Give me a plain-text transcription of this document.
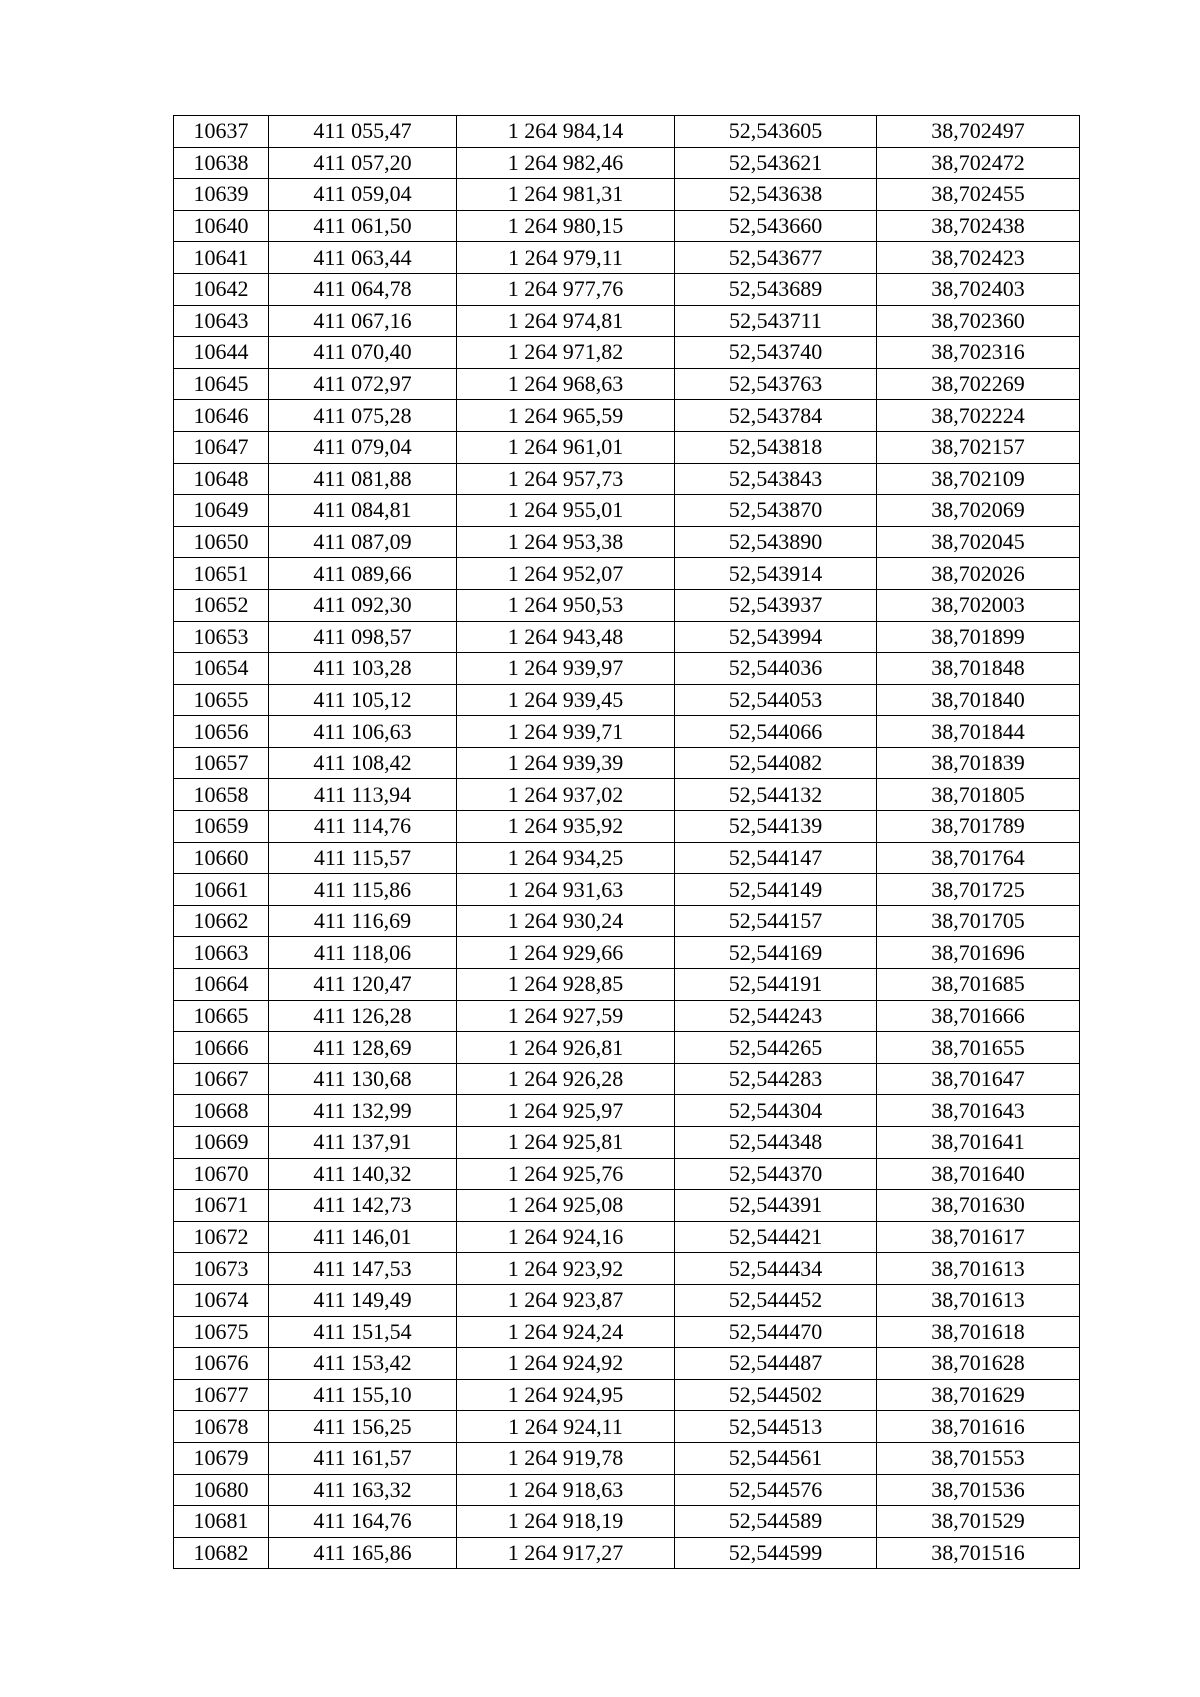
10637	411 055,47	1 264 984,14	52,543605	38,702497
10638	411 057,20	1 264 982,46	52,543621	38,702472
10639	411 059,04	1 264 981,31	52,543638	38,702455
10640	411 061,50	1 264 980,15	52,543660	38,702438
10641	411 063,44	1 264 979,11	52,543677	38,702423
10642	411 064,78	1 264 977,76	52,543689	38,702403
10643	411 067,16	1 264 974,81	52,543711	38,702360
10644	411 070,40	1 264 971,82	52,543740	38,702316
10645	411 072,97	1 264 968,63	52,543763	38,702269
10646	411 075,28	1 264 965,59	52,543784	38,702224
10647	411 079,04	1 264 961,01	52,543818	38,702157
10648	411 081,88	1 264 957,73	52,543843	38,702109
10649	411 084,81	1 264 955,01	52,543870	38,702069
10650	411 087,09	1 264 953,38	52,543890	38,702045
10651	411 089,66	1 264 952,07	52,543914	38,702026
10652	411 092,30	1 264 950,53	52,543937	38,702003
10653	411 098,57	1 264 943,48	52,543994	38,701899
10654	411 103,28	1 264 939,97	52,544036	38,701848
10655	411 105,12	1 264 939,45	52,544053	38,701840
10656	411 106,63	1 264 939,71	52,544066	38,701844
10657	411 108,42	1 264 939,39	52,544082	38,701839
10658	411 113,94	1 264 937,02	52,544132	38,701805
10659	411 114,76	1 264 935,92	52,544139	38,701789
10660	411 115,57	1 264 934,25	52,544147	38,701764
10661	411 115,86	1 264 931,63	52,544149	38,701725
10662	411 116,69	1 264 930,24	52,544157	38,701705
10663	411 118,06	1 264 929,66	52,544169	38,701696
10664	411 120,47	1 264 928,85	52,544191	38,701685
10665	411 126,28	1 264 927,59	52,544243	38,701666
10666	411 128,69	1 264 926,81	52,544265	38,701655
10667	411 130,68	1 264 926,28	52,544283	38,701647
10668	411 132,99	1 264 925,97	52,544304	38,701643
10669	411 137,91	1 264 925,81	52,544348	38,701641
10670	411 140,32	1 264 925,76	52,544370	38,701640
10671	411 142,73	1 264 925,08	52,544391	38,701630
10672	411 146,01	1 264 924,16	52,544421	38,701617
10673	411 147,53	1 264 923,92	52,544434	38,701613
10674	411 149,49	1 264 923,87	52,544452	38,701613
10675	411 151,54	1 264 924,24	52,544470	38,701618
10676	411 153,42	1 264 924,92	52,544487	38,701628
10677	411 155,10	1 264 924,95	52,544502	38,701629
10678	411 156,25	1 264 924,11	52,544513	38,701616
10679	411 161,57	1 264 919,78	52,544561	38,701553
10680	411 163,32	1 264 918,63	52,544576	38,701536
10681	411 164,76	1 264 918,19	52,544589	38,701529
10682	411 165,86	1 264 917,27	52,544599	38,701516
